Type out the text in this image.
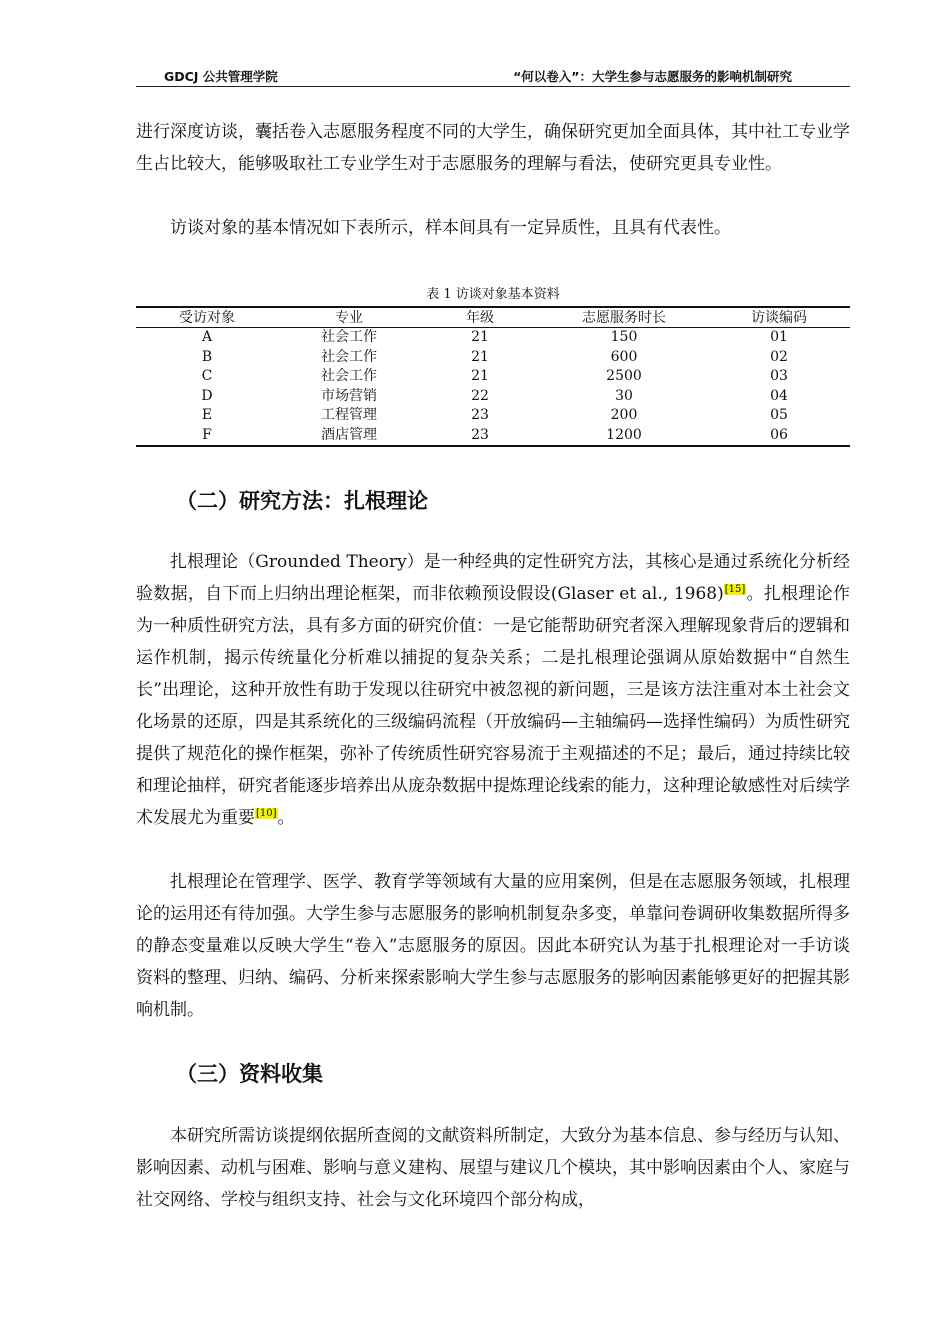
GDCJ 公共管理学院	“何以卷入”：大学生参与志愿服务的影响机制研究

进行深度访谈，囊括卷入志愿服务程度不同的大学生，确保研究更加全面具体，其中社工专业学生占比较大，能够吸取社工专业学生对于志愿服务的理解与看法，使研究更具专业性。

访谈对象的基本情况如下表所示，样本间具有一定异质性，且具有代表性。

表 1 访谈对象基本资料
受访对象	专业	年级	志愿服务时长	访谈编码
A	社会工作	21	150	01
B	社会工作	21	600	02
C	社会工作	21	2500	03
D	市场营销	22	30	04
E	工程管理	23	200	05
F	酒店管理	23	1200	06
（二）研究方法：扎根理论

扎根理论（Grounded Theory）是一种经典的定性研究方法，其核心是通过系统化分析经验数据，自下而上归纳出理论框架，而非依赖预设假设(Glaser et al., 1968)[15]。扎根理论作为一种质性研究方法，具有多方面的研究价值：一是它能帮助研究者深入理解现象背后的逻辑和运作机制，揭示传统量化分析难以捕捉的复杂关系；二是扎根理论强调从原始数据中“自然生长”出理论，这种开放性有助于发现以往研究中被忽视的新问题，三是该方法注重对本土社会文化场景的还原，四是其系统化的三级编码流程（开放编码—主轴编码—选择性编码）为质性研究提供了规范化的操作框架，弥补了传统质性研究容易流于主观描述的不足；最后，通过持续比较和理论抽样，研究者能逐步培养出从庞杂数据中提炼理论线索的能力，这种理论敏感性对后续学术发展尤为重要[10]。

扎根理论在管理学、医学、教育学等领域有大量的应用案例，但是在志愿服务领域，扎根理论的运用还有待加强。大学生参与志愿服务的影响机制复杂多变，单靠问卷调研收集数据所得多的静态变量难以反映大学生“卷入”志愿服务的原因。因此本研究认为基于扎根理论对一手访谈资料的整理、归纳、编码、分析来探索影响大学生参与志愿服务的影响因素能够更好的把握其影响机制。

（三）资料收集

本研究所需访谈提纲依据所查阅的文献资料所制定，大致分为基本信息、参与经历与认知、影响因素、动机与困难、影响与意义建构、展望与建议几个模块，其中影响因素由个人、家庭与社交网络、学校与组织支持、社会与文化环境四个部分构成，
